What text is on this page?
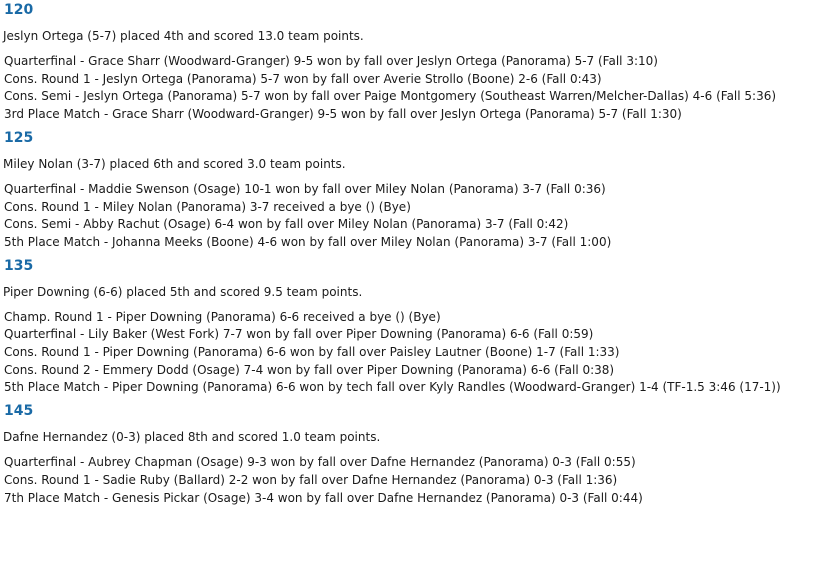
120
Jeslyn Ortega (5-7) placed 4th and scored 13.0 team points.
Quarterfinal - Grace Sharr (Woodward-Granger) 9-5 won by fall over Jeslyn Ortega (Panorama) 5-7 (Fall 3:10)
Cons. Round 1 - Jeslyn Ortega (Panorama) 5-7 won by fall over Averie Strollo (Boone) 2-6 (Fall 0:43)
Cons. Semi - Jeslyn Ortega (Panorama) 5-7 won by fall over Paige Montgomery (Southeast Warren/Melcher-Dallas) 4-6 (Fall 5:36)
3rd Place Match - Grace Sharr (Woodward-Granger) 9-5 won by fall over Jeslyn Ortega (Panorama) 5-7 (Fall 1:30)
125
Miley Nolan (3-7) placed 6th and scored 3.0 team points.
Quarterfinal - Maddie Swenson (Osage) 10-1 won by fall over Miley Nolan (Panorama) 3-7 (Fall 0:36)
Cons. Round 1 - Miley Nolan (Panorama) 3-7 received a bye () (Bye)
Cons. Semi - Abby Rachut (Osage) 6-4 won by fall over Miley Nolan (Panorama) 3-7 (Fall 0:42)
5th Place Match - Johanna Meeks (Boone) 4-6 won by fall over Miley Nolan (Panorama) 3-7 (Fall 1:00)
135
Piper Downing (6-6) placed 5th and scored 9.5 team points.
Champ. Round 1 - Piper Downing (Panorama) 6-6 received a bye () (Bye)
Quarterfinal - Lily Baker (West Fork) 7-7 won by fall over Piper Downing (Panorama) 6-6 (Fall 0:59)
Cons. Round 1 - Piper Downing (Panorama) 6-6 won by fall over Paisley Lautner (Boone) 1-7 (Fall 1:33)
Cons. Round 2 - Emmery Dodd (Osage) 7-4 won by fall over Piper Downing (Panorama) 6-6 (Fall 0:38)
5th Place Match - Piper Downing (Panorama) 6-6 won by tech fall over Kyly Randles (Woodward-Granger) 1-4 (TF-1.5 3:46 (17-1))
145
Dafne Hernandez (0-3) placed 8th and scored 1.0 team points.
Quarterfinal - Aubrey Chapman (Osage) 9-3 won by fall over Dafne Hernandez (Panorama) 0-3 (Fall 0:55)
Cons. Round 1 - Sadie Ruby (Ballard) 2-2 won by fall over Dafne Hernandez (Panorama) 0-3 (Fall 1:36)
7th Place Match - Genesis Pickar (Osage) 3-4 won by fall over Dafne Hernandez (Panorama) 0-3 (Fall 0:44)
